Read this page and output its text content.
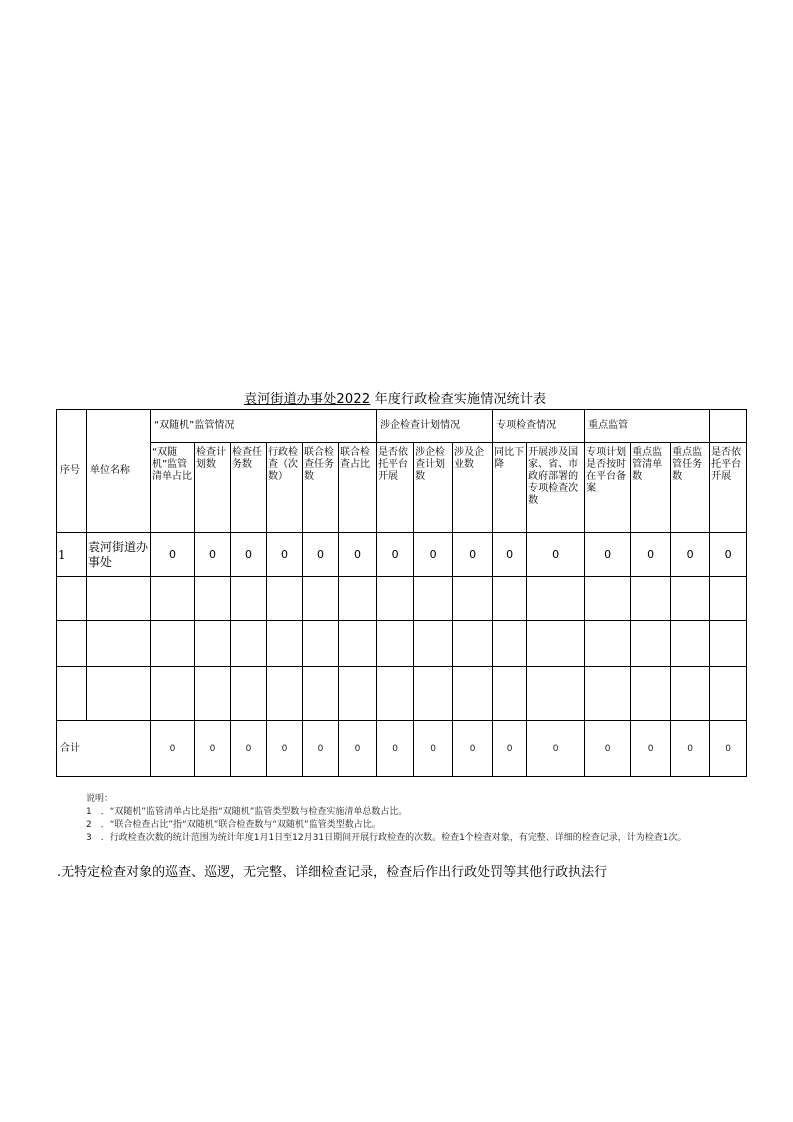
袁河街道办事处2022 年度行政检查实施情况统计表
序号	单位名称	“双随机”监管情况						涉企检查计划情况			专项检查情况		重点监管			
		“双随机”监管清单占比	检查计划数	检查任务数	行政检查（次数）	联合检查任务数	联合检查占比	是否依托平台开展	涉企检查计划数	涉及企业数	同比下降	开展涉及国家、省、市政府部署的专项检查次数	专项计划是否按时在平台备案	重点监管清单数	重点监管任务数	是否依托平台开展
1	袁河街道办事处	0	0	0	0	0	0	0	0	0	0	0	0	0	0	0

合计		0	0	0	0	0	0	0	0	0	0	0	0	0	0	0
说明：
1　．“双随机”监管清单占比是指“双随机”监管类型数与检查实施清单总数占比。
2　．“联合检查占比”指“双随机”联合检查数与“双随机”监管类型数占比。
3　．行政检查次数的统计范围为统计年度1月1日至12月31日期间开展行政检查的次数。检查1个检查对象，有完整、详细的检查记录，计为检查1次。
.无特定检查对象的巡查、巡逻，无完整、详细检查记录，检查后作出行政处罚等其他行政执法行
